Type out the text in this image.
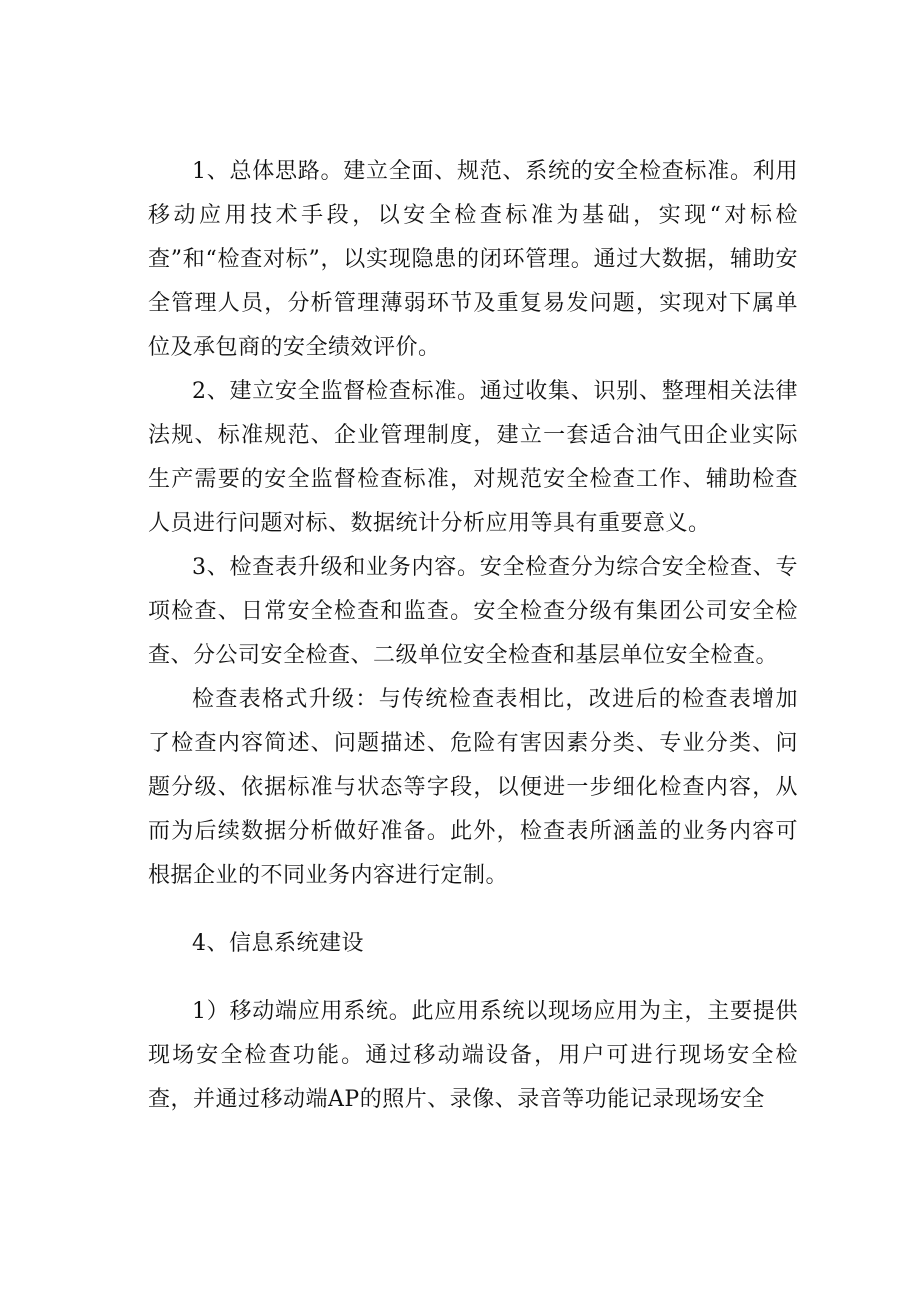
1、总体思路。建立全面、规范、系统的安全检查标准。利用移动应用技术手段，以安全检查标准为基础，实现“对标检查”和“检查对标”，以实现隐患的闭环管理。通过大数据，辅助安全管理人员，分析管理薄弱环节及重复易发问题，实现对下属单位及承包商的安全绩效评价。

2、建立安全监督检查标准。通过收集、识别、整理相关法律法规、标准规范、企业管理制度，建立一套适合油气田企业实际生产需要的安全监督检查标准，对规范安全检查工作、辅助检查人员进行问题对标、数据统计分析应用等具有重要意义。

3、检查表升级和业务内容。安全检查分为综合安全检查、专项检查、日常安全检查和监查。安全检查分级有集团公司安全检查、分公司安全检查、二级单位安全检查和基层单位安全检查。

检查表格式升级：与传统检查表相比，改进后的检查表增加了检查内容简述、问题描述、危险有害因素分类、专业分类、问题分级、依据标准与状态等字段，以便进一步细化检查内容，从而为后续数据分析做好准备。此外，检查表所涵盖的业务内容可根据企业的不同业务内容进行定制。

4、信息系统建设

1）移动端应用系统。此应用系统以现场应用为主，主要提供现场安全检查功能。通过移动端设备，用户可进行现场安全检查，并通过移动端AP的照片、录像、录音等功能记录现场安全
